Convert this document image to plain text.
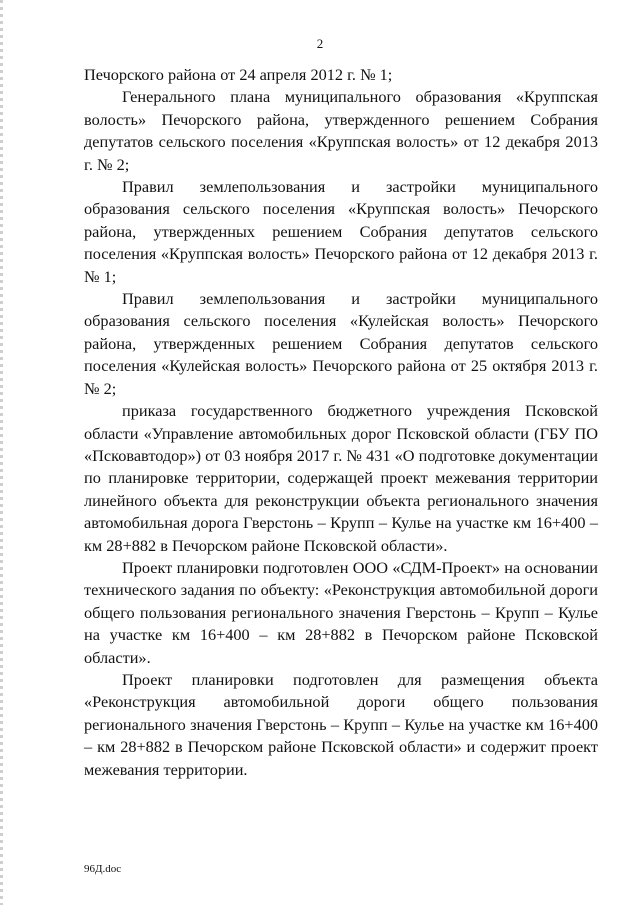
2

Печорского района от 24 апреля 2012 г. № 1;

Генерального плана муниципального образования «Круппская волость» Печорского района, утвержденного решением Собрания депутатов сельского поселения «Круппская волость» от 12 декабря 2013 г. № 2;

Правил землепользования и застройки муниципального образования сельского поселения «Круппская волость» Печорского района, утвержденных решением Собрания депутатов сельского поселения «Круппская волость» Печорского района от 12 декабря 2013 г. № 1;

Правил землепользования и застройки муниципального образования сельского поселения «Кулейская волость» Печорского района, утвержденных решением Собрания депутатов сельского поселения «Кулейская волость» Печорского района от 25 октября 2013 г. № 2;

приказа государственного бюджетного учреждения Псковской области «Управление автомобильных дорог Псковской области (ГБУ ПО «Псковавтодор») от 03 ноября 2017 г. № 431 «О подготовке документации по планировке территории, содержащей проект межевания территории линейного объекта для реконструкции объекта регионального значения автомобильная дорога Гверстонь – Крупп – Кулье на участке км 16+400 – км 28+882 в Печорском районе Псковской области».

Проект планировки подготовлен ООО «СДМ-Проект» на основании технического задания по объекту: «Реконструкция автомобильной дороги общего пользования регионального значения Гверстонь – Крупп – Кулье на участке км 16+400 – км 28+882 в Печорском районе Псковской области».

Проект планировки подготовлен для размещения объекта «Реконструкция автомобильной дороги общего пользования регионального значения Гверстонь – Крупп – Кулье на участке км 16+400 – км 28+882 в Печорском районе Псковской области» и содержит проект межевания территории.

96Д.doc
